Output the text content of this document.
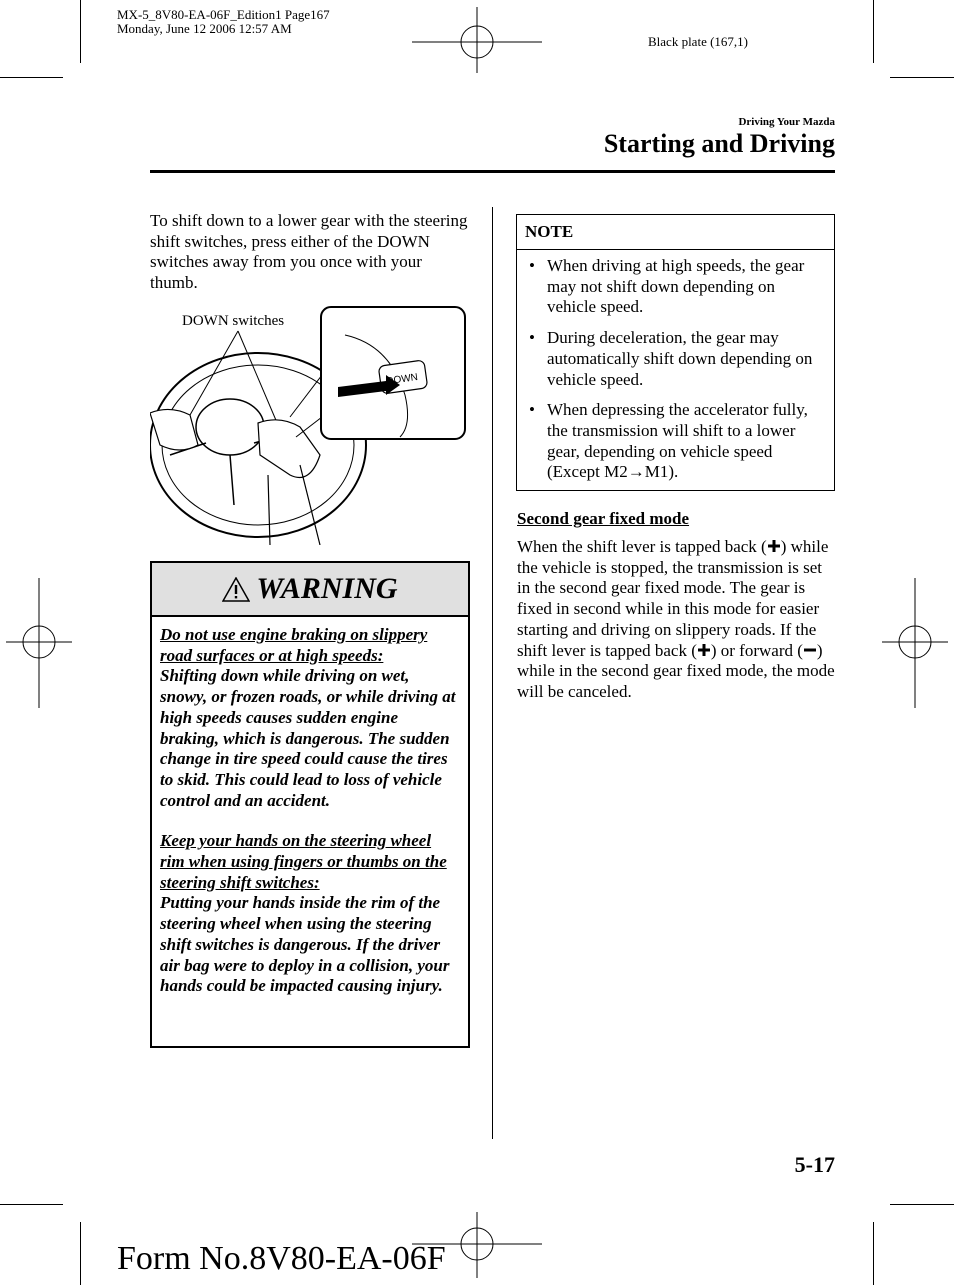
MX-5_8V80-EA-06F_Edition1 Page167
Monday, June 12 2006 12:57 AM
Black plate (167,1)
Driving Your Mazda
Starting and Driving
To shift down to a lower gear with the steering shift switches, press either of the DOWN switches away from you once with your thumb.
DOWN switches
DOWN
WARNING
Do not use engine braking on slippery road surfaces or at high speeds:
Shifting down while driving on wet, snowy, or frozen roads, or while driving at high speeds causes sudden engine braking, which is dangerous. The sudden change in tire speed could cause the tires to skid. This could lead to loss of vehicle control and an accident.
Keep your hands on the steering wheel rim when using fingers or thumbs on the steering shift switches:
Putting your hands inside the rim of the steering wheel when using the steering shift switches is dangerous. If the driver air bag were to deploy in a collision, your hands could be impacted causing injury.
NOTE
• When driving at high speeds, the gear may not shift down depending on vehicle speed.
• During deceleration, the gear may automatically shift down depending on vehicle speed.
• When depressing the accelerator fully, the transmission will shift to a lower gear, depending on vehicle speed (Except M2→M1).
Second gear fixed mode
When the shift lever is tapped back ( ) while the vehicle is stopped, the transmission is set in the second gear fixed mode. The gear is fixed in second while in this mode for easier starting and driving on slippery roads. If the shift lever is tapped back ( ) or forward ( ) while in the second gear fixed mode, the mode will be canceled.
5-17
Form No.8V80-EA-06F
